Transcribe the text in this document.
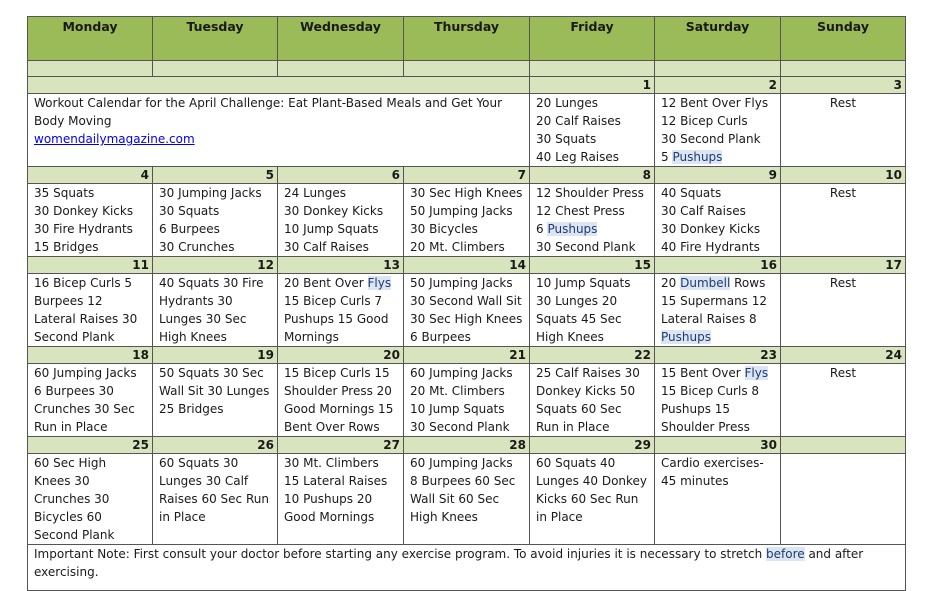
Monday	Tuesday	Wednesday	Thursday	Friday	Saturday	Sunday

				1	2	3

Workout Calendar for the April Challenge: Eat Plant-Based Meals and Get Your Body Moving
womendailymagazine.com				20 Lunges
20 Calf Raises
30 Squats
40 Leg Raises	12 Bent Over Flys
12 Bicep Curls
30 Second Plank
5 Pushups	Rest
4	5	6	7	8	9	10

35 Squats
30 Donkey Kicks
30 Fire Hydrants
15 Bridges	30 Jumping Jacks
30 Squats
6 Burpees
30 Crunches	24 Lunges
30 Donkey Kicks
10 Jump Squats
30 Calf Raises	30 Sec High Knees
50 Jumping Jacks
30 Bicycles
20 Mt. Climbers	12 Shoulder Press
12 Chest Press
6 Pushups
30 Second Plank	40 Squats
30 Calf Raises
30 Donkey Kicks
40 Fire Hydrants	Rest
11	12	13	14	15	16	17

16 Bicep Curls 5 Burpees 12 Lateral Raises 30 Second Plank	40 Squats 30 Fire Hydrants 30 Lunges 30 Sec High Knees	20 Bent Over Flys 15 Bicep Curls 7 Pushups 15 Good Mornings	50 Jumping Jacks
30 Second Wall Sit
30 Sec High Knees
6 Burpees	10 Jump Squats 30 Lunges 20 Squats 45 Sec High Knees	20 Dumbell Rows 15 Supermans 12 Lateral Raises 8 Pushups	Rest
18	19	20	21	22	23	24

60 Jumping Jacks 6 Burpees 30 Crunches 30 Sec Run in Place	50 Squats 30 Sec Wall Sit 30 Lunges 25 Bridges	15 Bicep Curls 15 Shoulder Press 20 Good Mornings 15 Bent Over Rows	60 Jumping Jacks
20 Mt. Climbers
10 Jump Squats
30 Second Plank	25 Calf Raises 30 Donkey Kicks 50 Squats 60 Sec Run in Place	15 Bent Over Flys 15 Bicep Curls 8 Pushups 15 Shoulder Press	Rest
25	26	27	28	29	30	

60 Sec High Knees 30 Crunches 30 Bicycles 60 Second Plank	60 Squats 30 Lunges 30 Calf Raises 60 Sec Run in Place	30 Mt. Climbers 15 Lateral Raises 10 Pushups 20 Good Mornings	60 Jumping Jacks 8 Burpees 60 Sec Wall Sit 60 Sec High Knees	60 Squats 40 Lunges 40 Donkey Kicks 60 Sec Run in Place	Cardio exercises- 45 minutes	

Important Note: First consult your doctor before starting any exercise program. To avoid injuries it is necessary to stretch before and after exercising.						
